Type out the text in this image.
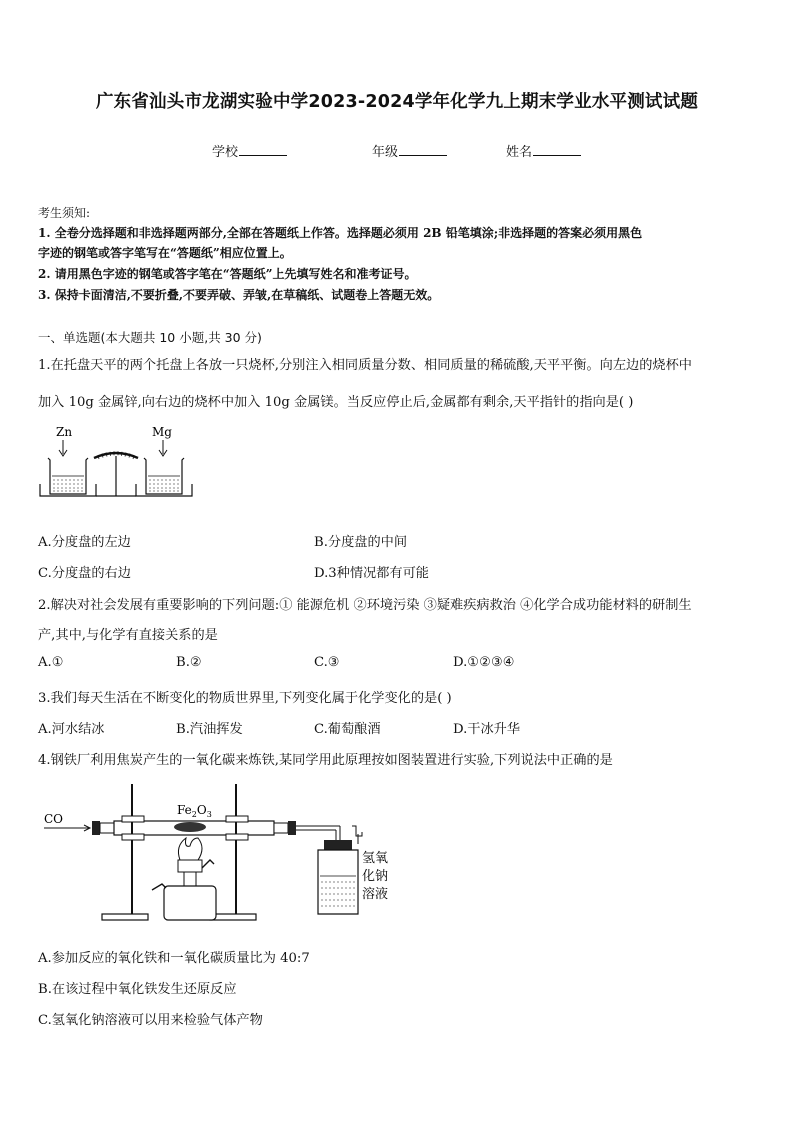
广东省汕头市龙湖实验中学2023-2024学年化学九上期末学业水平测试试题
学校	年级	姓名
考生须知:
1. 全卷分选择题和非选择题两部分,全部在答题纸上作答。选择题必须用 2B 铅笔填涂;非选择题的答案必须用黑色
字迹的钢笔或答字笔写在“答题纸”相应位置上。
2. 请用黑色字迹的钢笔或答字笔在“答题纸”上先填写姓名和准考证号。
3. 保持卡面清洁,不要折叠,不要弄破、弄皱,在草稿纸、试题卷上答题无效。
一、单选题(本大题共 10 小题,共 30 分)
1.在托盘天平的两个托盘上各放一只烧杯,分别注入相同质量分数、相同质量的稀硫酸,天平平衡。向左边的烧杯中
加入 10g 金属锌,向右边的烧杯中加入 10g 金属镁。当反应停止后,金属都有剩余,天平指针的指向是( )
Zn	Mg
A.分度盘的左边	B.分度盘的中间
C.分度盘的右边	D.3种情况都有可能
2.解决对社会发展有重要影响的下列问题:① 能源危机 ②环境污染 ③疑难疾病救治 ④化学合成功能材料的研制生
产,其中,与化学有直接关系的是
A.①	B.②	C.③	D.①②③④
3.我们每天生活在不断变化的物质世界里,下列变化属于化学变化的是( )
A.河水结冰	B.汽油挥发	C.葡萄酿酒	D.干冰升华
4.钢铁厂利用焦炭产生的一氧化碳来炼铁,某同学用此原理按如图装置进行实验,下列说法中正确的是
CO
$Fe_2O_3$
氢氧
化钠
溶液
A.参加反应的氧化铁和一氧化碳质量比为 40:7
B.在该过程中氧化铁发生还原反应
C.氢氧化钠溶液可以用来检验气体产物
